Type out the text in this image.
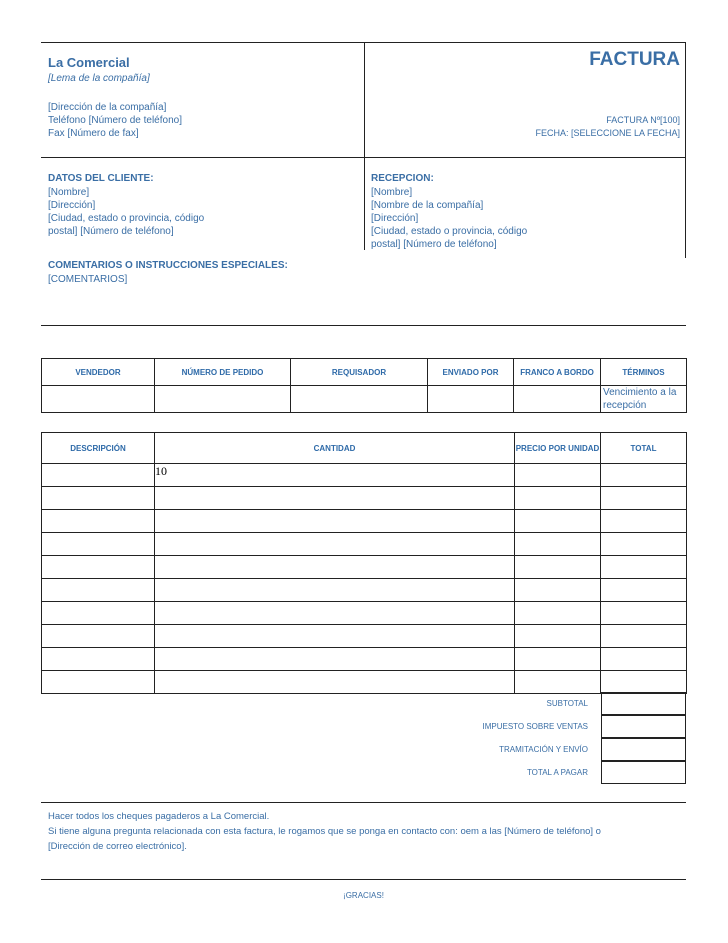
La Comercial
[Lema de la compañía]
[Dirección de la compañía]
Teléfono [Número de teléfono]
Fax [Número de fax]
FACTURA
FACTURA Nº[100]
FECHA: [SELECCIONE LA FECHA]
DATOS DEL CLIENTE:
[Nombre]
[Dirección]
[Ciudad, estado o provincia, código
postal] [Número de teléfono]
RECEPCION:
[Nombre]
[Nombre de la compañía]
[Dirección]
[Ciudad, estado o provincia, código
postal] [Número de teléfono]
COMENTARIOS O INSTRUCCIONES ESPECIALES:
[COMENTARIOS]
VENDEDOR	NÚMERO DE PEDIDO	REQUISADOR	ENVIADO POR	FRANCO A BORDO	TÉRMINOS
					Vencimiento a la recepción
DESCRIPCIÓN	CANTIDAD	PRECIO POR UNIDAD	TOTAL
	10		

SUBTOTAL
IMPUESTO SOBRE VENTAS
TRAMITACIÓN Y ENVÍO
TOTAL A PAGAR
Hacer todos los cheques pagaderos a La Comercial.
Si tiene alguna pregunta relacionada con esta factura, le rogamos que se ponga en contacto con: oem a las [Número de teléfono] o
[Dirección de correo electrónico].
¡GRACIAS!
